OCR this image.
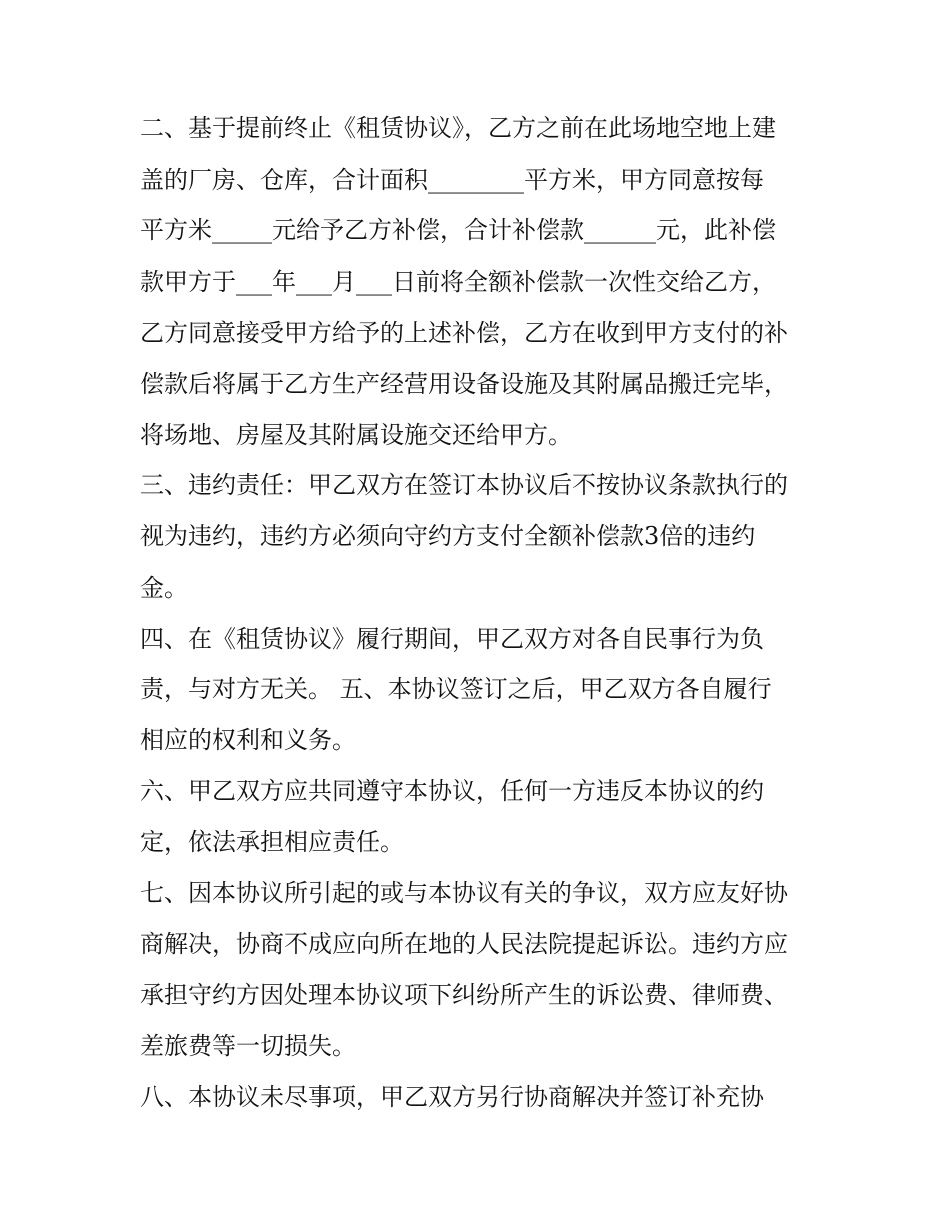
二、基于提前终止《租赁协议》，乙方之前在此场地空地上建
盖的厂房、仓库，合计面积________平方米，甲方同意按每
平方米_____元给予乙方补偿，合计补偿款______元，此补偿
款甲方于___年___月___日前将全额补偿款一次性交给乙方，
乙方同意接受甲方给予的上述补偿，乙方在收到甲方支付的补
偿款后将属于乙方生产经营用设备设施及其附属品搬迁完毕，
将场地、房屋及其附属设施交还给甲方。
三、违约责任：甲乙双方在签订本协议后不按协议条款执行的
视为违约，违约方必须向守约方支付全额补偿款3倍的违约
金。
四、在《租赁协议》履行期间，甲乙双方对各自民事行为负
责，与对方无关。 五、本协议签订之后，甲乙双方各自履行
相应的权利和义务。
六、甲乙双方应共同遵守本协议，任何一方违反本协议的约
定，依法承担相应责任。
七、因本协议所引起的或与本协议有关的争议，双方应友好协
商解决，协商不成应向所在地的人民法院提起诉讼。违约方应
承担守约方因处理本协议项下纠纷所产生的诉讼费、律师费、
差旅费等一切损失。
八、本协议未尽事项，甲乙双方另行协商解决并签订补充协
